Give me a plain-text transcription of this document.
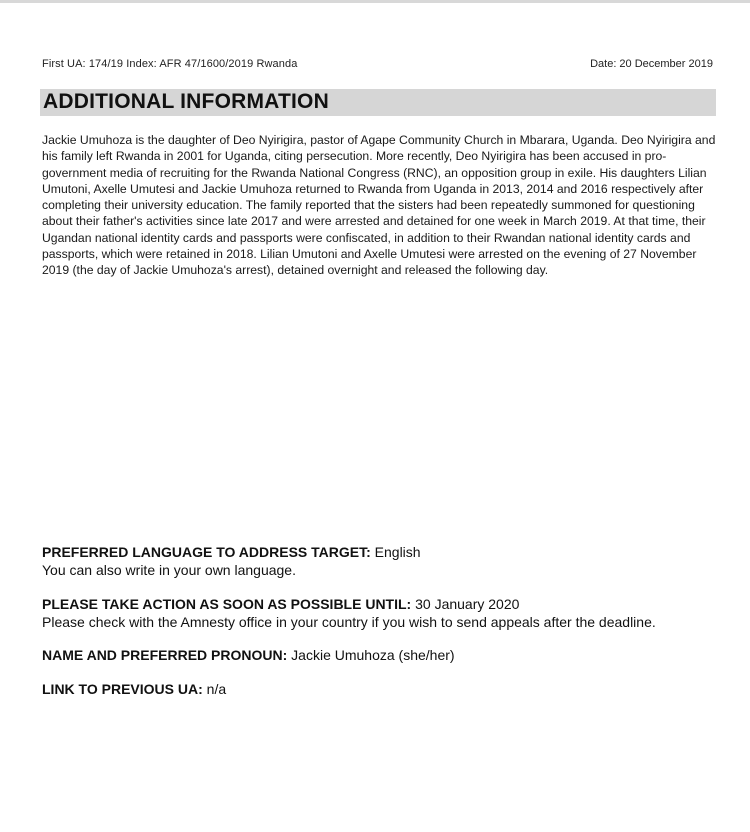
First UA: 174/19 Index: AFR 47/1600/2019 Rwanda	Date: 20 December 2019
ADDITIONAL INFORMATION

Jackie Umuhoza is the daughter of Deo Nyirigira, pastor of Agape Community Church in Mbarara, Uganda. Deo Nyirigira and his family left Rwanda in 2001 for Uganda, citing persecution. More recently, Deo Nyirigira has been accused in pro-government media of recruiting for the Rwanda National Congress (RNC), an opposition group in exile. His daughters Lilian Umutoni, Axelle Umutesi and Jackie Umuhoza returned to Rwanda from Uganda in 2013, 2014 and 2016 respectively after completing their university education. The family reported that the sisters had been repeatedly summoned for questioning about their father's activities since late 2017 and were arrested and detained for one week in March 2019. At that time, their Ugandan national identity cards and passports were confiscated, in addition to their Rwandan national identity cards and passports, which were retained in 2018. Lilian Umutoni and Axelle Umutesi were arrested on the evening of 27 November 2019 (the day of Jackie Umuhoza's arrest), detained overnight and released the following day.

PREFERRED LANGUAGE TO ADDRESS TARGET: English
You can also write in your own language.
PLEASE TAKE ACTION AS SOON AS POSSIBLE UNTIL: 30 January 2020
Please check with the Amnesty office in your country if you wish to send appeals after the deadline.
NAME AND PREFERRED PRONOUN: Jackie Umuhoza (she/her)
LINK TO PREVIOUS UA: n/a
